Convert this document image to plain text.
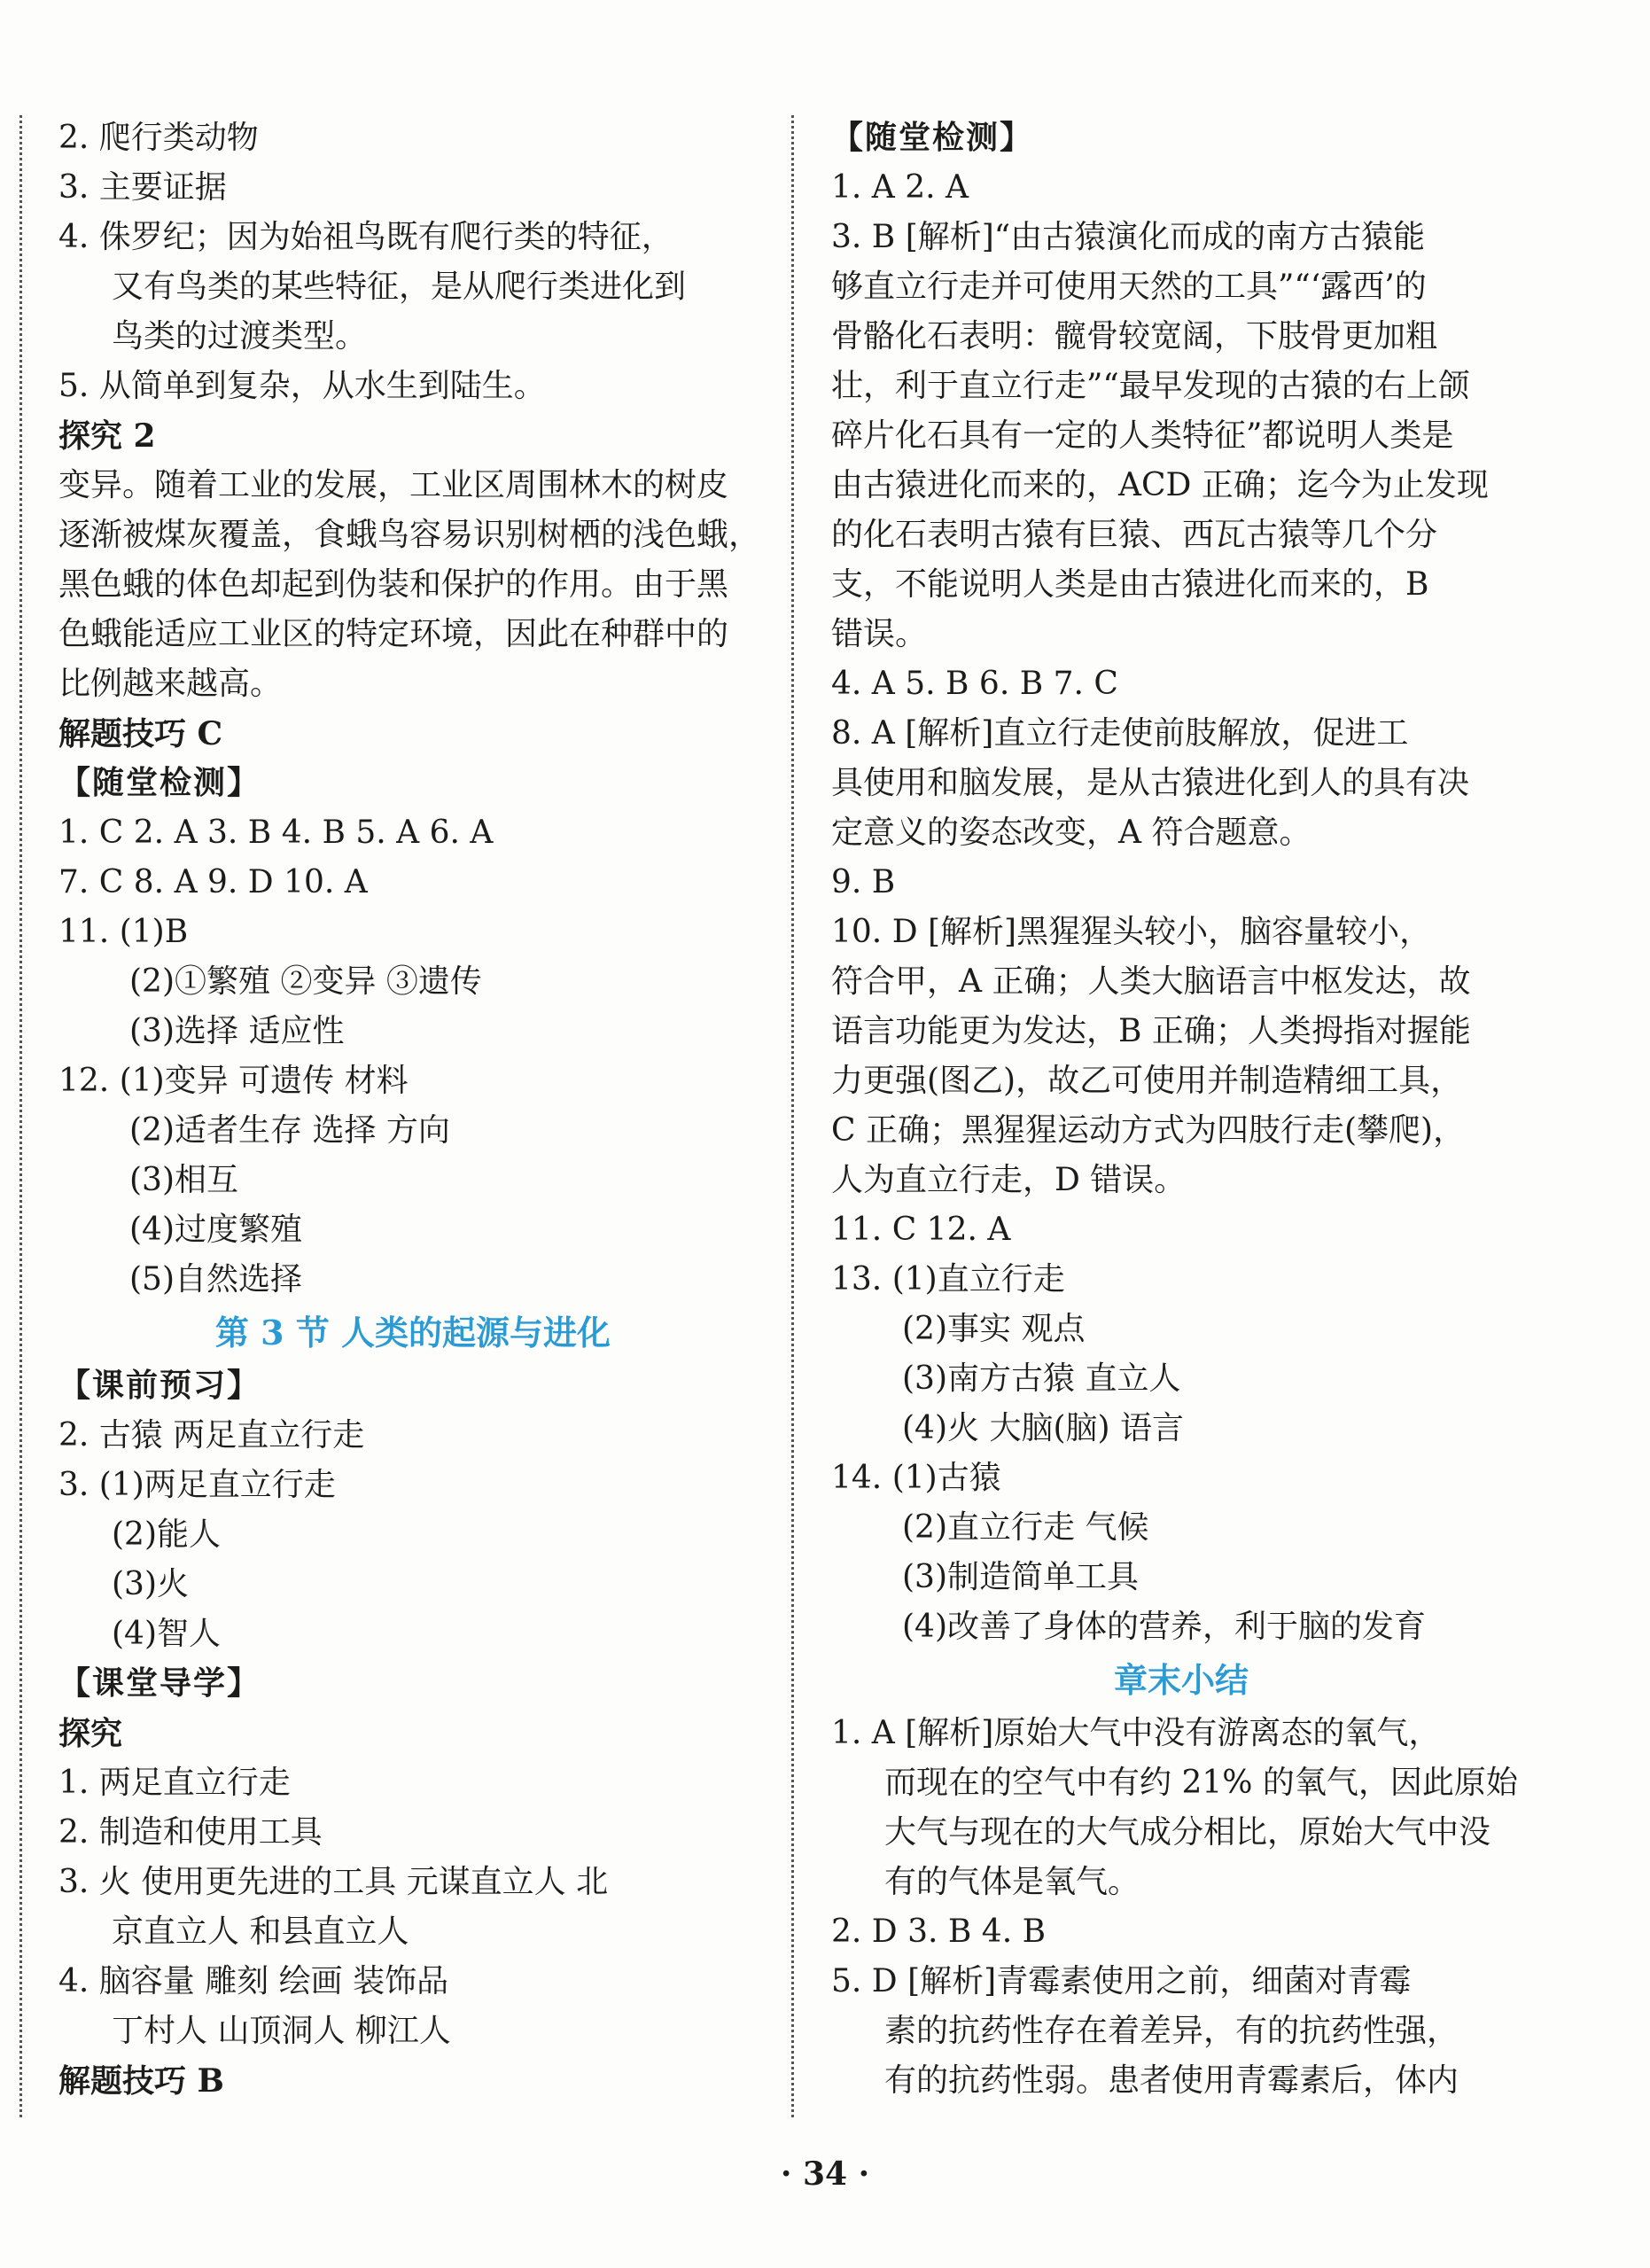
2. 爬行类动物
3. 主要证据
4. 侏罗纪；因为始祖鸟既有爬行类的特征，
又有鸟类的某些特征，是从爬行类进化到
鸟类的过渡类型。
5. 从简单到复杂，从水生到陆生。
探究 2
变异。随着工业的发展，工业区周围林木的树皮
逐渐被煤灰覆盖，食蛾鸟容易识别树栖的浅色蛾，
黑色蛾的体色却起到伪装和保护的作用。由于黑
色蛾能适应工业区的特定环境，因此在种群中的
比例越来越高。
解题技巧 C
【随堂检测】
1. C 2. A 3. B 4. B 5. A 6. A
7. C 8. A 9. D 10. A
11. (1)B
(2)①繁殖 ②变异 ③遗传
(3)选择 适应性
12. (1)变异 可遗传 材料
(2)适者生存 选择 方向
(3)相互
(4)过度繁殖
(5)自然选择
第 3 节 人类的起源与进化
【课前预习】
2. 古猿 两足直立行走
3. (1)两足直立行走
(2)能人
(3)火
(4)智人
【课堂导学】
探究
1. 两足直立行走
2. 制造和使用工具
3. 火 使用更先进的工具 元谋直立人 北
京直立人 和县直立人
4. 脑容量 雕刻 绘画 装饰品
丁村人 山顶洞人 柳江人
解题技巧 B
【随堂检测】
1. A 2. A
3. B [解析]“由古猿演化而成的南方古猿能
够直立行走并可使用天然的工具”“‘露西’的
骨骼化石表明：髋骨较宽阔，下肢骨更加粗
壮，利于直立行走”“最早发现的古猿的右上颌
碎片化石具有一定的人类特征”都说明人类是
由古猿进化而来的，ACD 正确；迄今为止发现
的化石表明古猿有巨猿、西瓦古猿等几个分
支，不能说明人类是由古猿进化而来的，B
错误。
4. A 5. B 6. B 7. C
8. A [解析]直立行走使前肢解放，促进工
具使用和脑发展，是从古猿进化到人的具有决
定意义的姿态改变，A 符合题意。
9. B
10. D [解析]黑猩猩头较小，脑容量较小，
符合甲，A 正确；人类大脑语言中枢发达，故
语言功能更为发达，B 正确；人类拇指对握能
力更强(图乙)，故乙可使用并制造精细工具，
C 正确；黑猩猩运动方式为四肢行走(攀爬)，
人为直立行走，D 错误。
11. C 12. A
13. (1)直立行走
(2)事实 观点
(3)南方古猿 直立人
(4)火 大脑(脑) 语言
14. (1)古猿
(2)直立行走 气候
(3)制造简单工具
(4)改善了身体的营养，利于脑的发育
章末小结
1. A [解析]原始大气中没有游离态的氧气，
而现在的空气中有约 21% 的氧气，因此原始
大气与现在的大气成分相比，原始大气中没
有的气体是氧气。
2. D 3. B 4. B
5. D [解析]青霉素使用之前，细菌对青霉
素的抗药性存在着差异，有的抗药性强，
有的抗药性弱。患者使用青霉素后，体内
· 34 ·
